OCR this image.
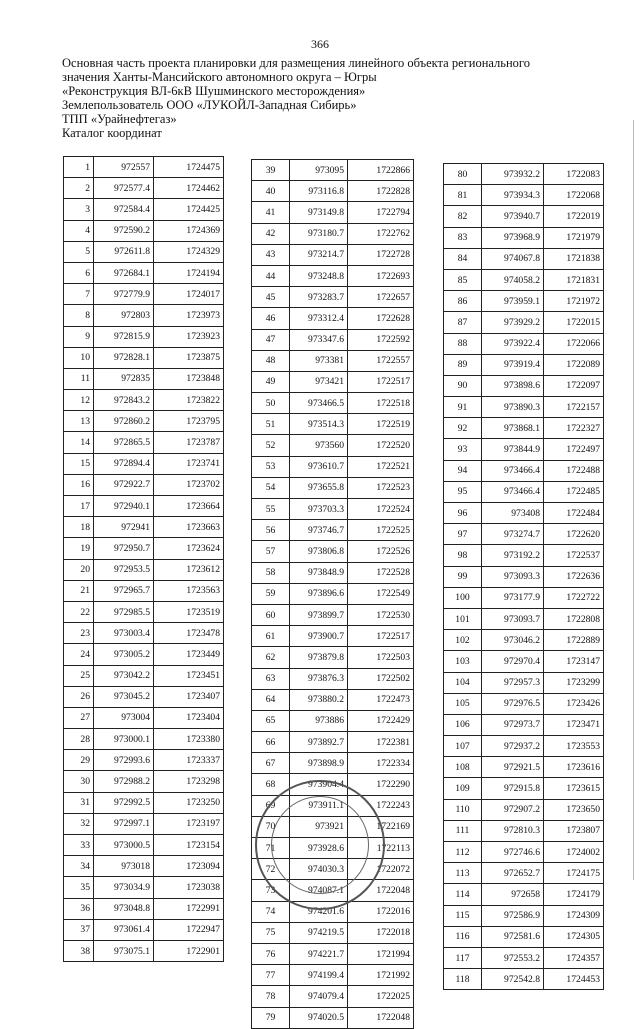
366
Основная часть проекта планировки для размещения линейного объекта регионального
значения Ханты-Мансийского автономного округа – Югры
«Реконструкция ВЛ-6кВ Шушминского месторождения»
Землепользователь ООО «ЛУКОЙЛ-Западная Сибирь»
ТПП «Урайнефтегаз»
Каталог координат
1	972557	1724475
2	972577.4	1724462
3	972584.4	1724425
4	972590.2	1724369
5	972611.8	1724329
6	972684.1	1724194
7	972779.9	1724017
8	972803	1723973
9	972815.9	1723923
10	972828.1	1723875
11	972835	1723848
12	972843.2	1723822
13	972860.2	1723795
14	972865.5	1723787
15	972894.4	1723741
16	972922.7	1723702
17	972940.1	1723664
18	972941	1723663
19	972950.7	1723624
20	972953.5	1723612
21	972965.7	1723563
22	972985.5	1723519
23	973003.4	1723478
24	973005.2	1723449
25	973042.2	1723451
26	973045.2	1723407
27	973004	1723404
28	973000.1	1723380
29	972993.6	1723337
30	972988.2	1723298
31	972992.5	1723250
32	972997.1	1723197
33	973000.5	1723154
34	973018	1723094
35	973034.9	1723038
36	973048.8	1722991
37	973061.4	1722947
38	973075.1	1722901
39	973095	1722866
40	973116.8	1722828
41	973149.8	1722794
42	973180.7	1722762
43	973214.7	1722728
44	973248.8	1722693
45	973283.7	1722657
46	973312.4	1722628
47	973347.6	1722592
48	973381	1722557
49	973421	1722517
50	973466.5	1722518
51	973514.3	1722519
52	973560	1722520
53	973610.7	1722521
54	973655.8	1722523
55	973703.3	1722524
56	973746.7	1722525
57	973806.8	1722526
58	973848.9	1722528
59	973896.6	1722549
60	973899.7	1722530
61	973900.7	1722517
62	973879.8	1722503
63	973876.3	1722502
64	973880.2	1722473
65	973886	1722429
66	973892.7	1722381
67	973898.9	1722334
68	973904.4	1722290
69	973911.1	1722243
70	973921	1722169
71	973928.6	1722113
72	974030.3	1722072
73	974087.1	1722048
74	974201.6	1722016
75	974219.5	1722018
76	974221.7	1721994
77	974199.4	1721992
78	974079.4	1722025
79	974020.5	1722048
80	973932.2	1722083
81	973934.3	1722068
82	973940.7	1722019
83	973968.9	1721979
84	974067.8	1721838
85	974058.2	1721831
86	973959.1	1721972
87	973929.2	1722015
88	973922.4	1722066
89	973919.4	1722089
90	973898.6	1722097
91	973890.3	1722157
92	973868.1	1722327
93	973844.9	1722497
94	973466.4	1722488
95	973466.4	1722485
96	973408	1722484
97	973274.7	1722620
98	973192.2	1722537
99	973093.3	1722636
100	973177.9	1722722
101	973093.7	1722808
102	973046.2	1722889
103	972970.4	1723147
104	972957.3	1723299
105	972976.5	1723426
106	972973.7	1723471
107	972937.2	1723553
108	972921.5	1723616
109	972915.8	1723615
110	972907.2	1723650
111	972810.3	1723807
112	972746.6	1724002
113	972652.7	1724175
114	972658	1724179
115	972586.9	1724309
116	972581.6	1724305
117	972553.2	1724357
118	972542.8	1724453
